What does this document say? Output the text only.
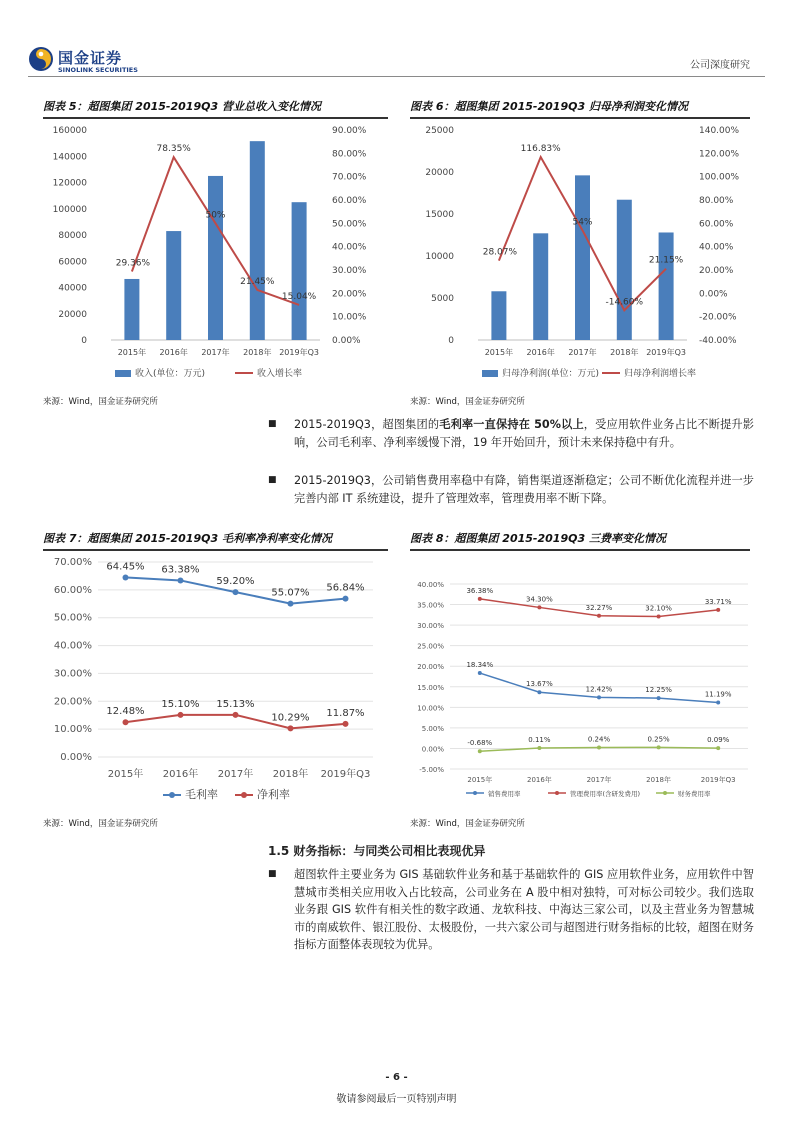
国金证券
SINOLINK SECURITIES	公司深度研究
图表 5：超图集团 2015-2019Q3 营业总收入变化情况	图表 6：超图集团 2015-2019Q3 归母净利润变化情况
图表 7：超图集团 2015-2019Q3 毛利率净利率变化情况	图表 8：超图集团 2015-2019Q3 三费率变化情况
0
20000
40000
60000
80000
100000
120000
140000
160000
0.00%
10.00%
20.00%
30.00%
40.00%
50.00%
60.00%
70.00%
80.00%
90.00%
2015年 2016年 2017年 2018年 2019年Q3
29.36%
78.35%
50%
21.45%
15.04%
收入(单位：万元)	收入增长率
0
5000
10000
15000
20000
25000
-40.00%
-20.00%
0.00%
20.00%
40.00%
60.00%
80.00%
100.00%
120.00%
140.00%
2015年 2016年 2017年 2018年 2019年Q3
28.07%
116.83%
54%
-14.60%
21.15%
归母净利润(单位：万元)	归母净利润增长率
0.00%
10.00%
20.00%
30.00%
40.00%
50.00%
60.00%
70.00%
2015年 2016年 2017年 2018年 2019年Q3
64.45% 63.38%
59.20%
55.07% 56.84%
12.48%
15.10% 15.13%
10.29% 11.87%
毛利率	净利率
-5.00%
0.00%
5.00%
10.00%
15.00%
20.00%
25.00%
30.00%
35.00%
40.00%
2015年	2016年	2017年	2018年	2019年Q3
18.34%
13.67%
12.42%	12.25%
11.19%
36.38%
34.30%
32.27%	32.10%
33.71%
-0.68%	0.11%	0.24%	0.25%	0.09%
销售费用率	管理费用率(含研发费用)	财务费用率
来源：Wind，国金证券研究所	来源：Wind，国金证券研究所
来源：Wind，国金证券研究所	来源：Wind，国金证券研究所
■ 2015-2019Q3，超图集团的毛利率一直保持在 50%以上，受应用软件业务占比不断提升影响，公司毛利率、净利率缓慢下滑，19 年开始回升，预计未来保持稳中有升。
■ 2015-2019Q3，公司销售费用率稳中有降，销售渠道逐渐稳定；公司不断优化流程并进一步完善内部 IT 系统建设，提升了管理效率，管理费用率不断下降。
1.5 财务指标：与同类公司相比表现优异
■ 超图软件主要业务为 GIS 基础软件业务和基于基础软件的 GIS 应用软件业务，应用软件中智慧城市类相关应用收入占比较高，公司业务在 A 股中相对独特，可对标公司较少。我们选取业务跟 GIS 软件有相关性的数字政通、龙软科技、中海达三家公司，以及主营业务为智慧城市的南威软件、银江股份、太极股份，一共六家公司与超图进行财务指标的比较，超图在财务指标方面整体表现较为优异。
- 6 -
敬请参阅最后一页特别声明
